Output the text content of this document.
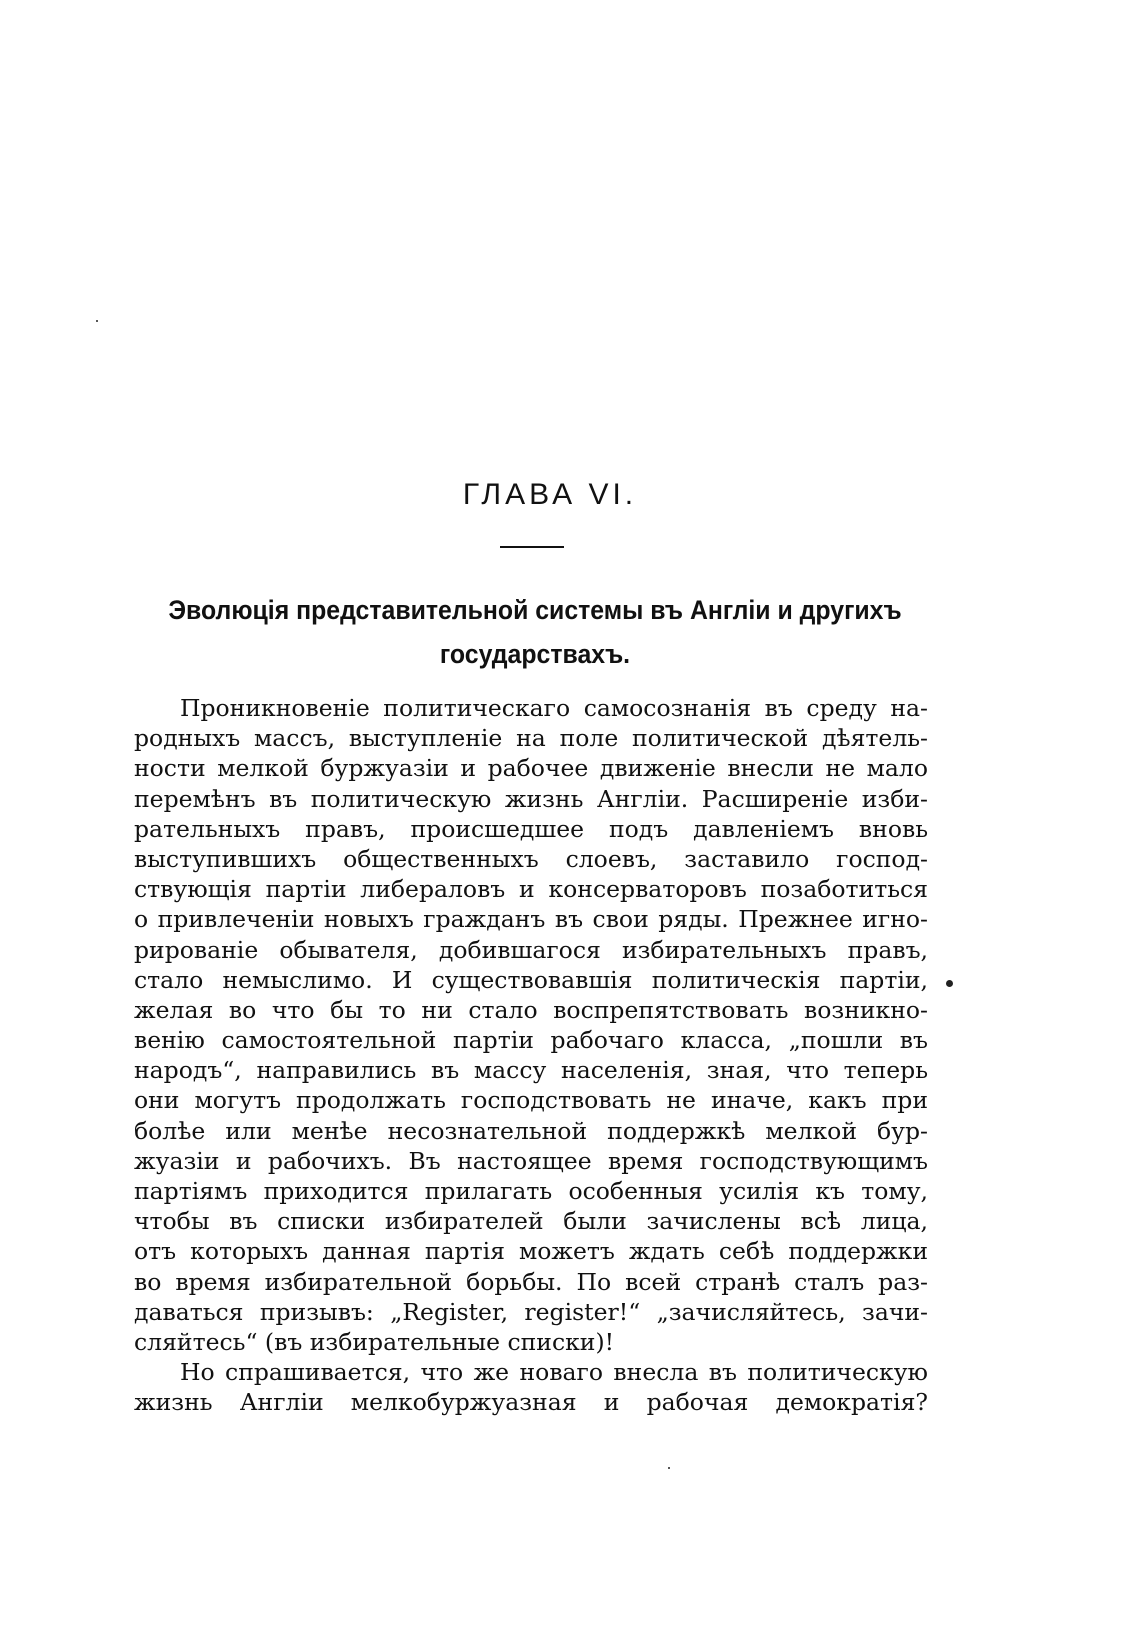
ГЛАВА VI.
Эволюція представительной системы въ Англіи и другихъ
государствахъ.
Проникновеніе политическаго самосознанія въ среду на-
родныхъ массъ, выступленіе на поле политической дѣятель-
ности мелкой буржуазіи и рабочее движеніе внесли не мало
перемѣнъ въ политическую жизнь Англіи. Расширеніе изби-
рательныхъ правъ, происшедшее подъ давленіемъ вновь
выступившихъ общественныхъ слоевъ, заставило господ-
ствующія партіи либераловъ и консерваторовъ позаботиться
о привлеченіи новыхъ гражданъ въ свои ряды. Прежнее игно-
рированіе обывателя, добившагося избирательныхъ правъ,
стало немыслимо. И существовавшія политическія партіи,
желая во что бы то ни стало воспрепятствовать возникно-
венію самостоятельной партіи рабочаго класса, „пошли въ
народъ“, направились въ массу населенія, зная, что теперь
они могутъ продолжать господствовать не иначе, какъ при
болѣе или менѣе несознательной поддержкѣ мелкой бур-
жуазіи и рабочихъ. Въ настоящее время господствующимъ
партіямъ приходится прилагать особенныя усилія къ тому,
чтобы въ списки избирателей были зачислены всѣ лица,
отъ которыхъ данная партія можетъ ждать себѣ поддержки
во время избирательной борьбы. По всей странѣ сталъ раз-
даваться призывъ: „Register, register!“ „зачисляйтесь, зачи-
сляйтесь“ (въ избирательные списки)!
Но спрашивается, что же новаго внесла въ политическую
жизнь Англіи мелкобуржуазная и рабочая демократія?
